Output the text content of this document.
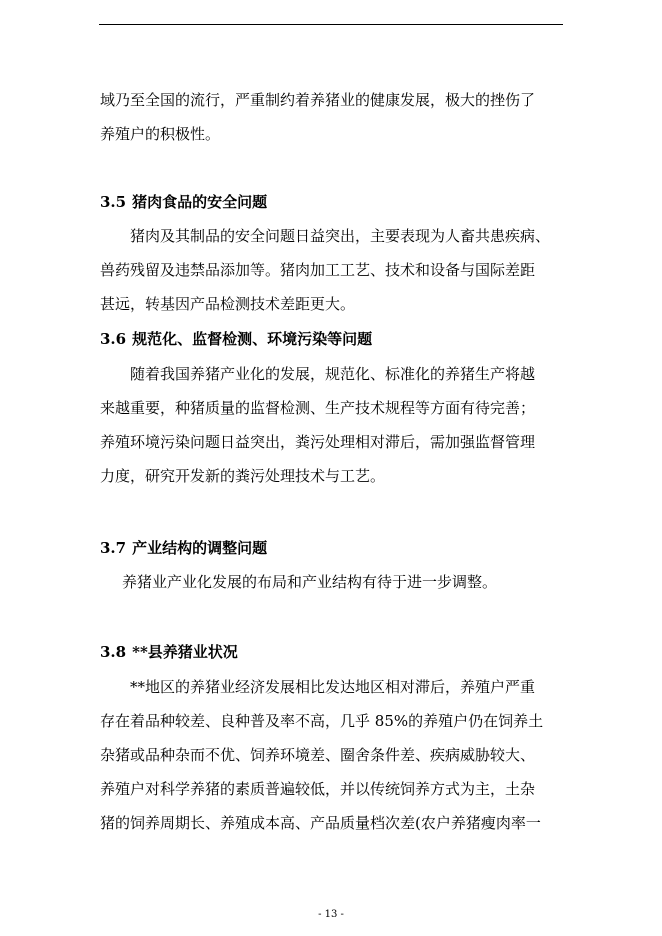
域乃至全国的流行，严重制约着养猪业的健康发展，极大的挫伤了
养殖户的积极性。
3.5 猪肉食品的安全问题
猪肉及其制品的安全问题日益突出，主要表现为人畜共患疾病、
兽药残留及违禁品添加等。猪肉加工工艺、技术和设备与国际差距
甚远，转基因产品检测技术差距更大。
3.6 规范化、监督检测、环境污染等问题
随着我国养猪产业化的发展，规范化、标准化的养猪生产将越
来越重要，种猪质量的监督检测、生产技术规程等方面有待完善；
养殖环境污染问题日益突出，粪污处理相对滞后，需加强监督管理
力度，研究开发新的粪污处理技术与工艺。
3.7 产业结构的调整问题
养猪业产业化发展的布局和产业结构有待于进一步调整。
3.8 **县养猪业状况
**地区的养猪业经济发展相比发达地区相对滞后，养殖户严重
存在着品种较差、良种普及率不高，几乎 85%的养殖户仍在饲养土
杂猪或品种杂而不优、饲养环境差、圈舍条件差、疾病威胁较大、
养殖户对科学养猪的素质普遍较低，并以传统饲养方式为主，土杂
猪的饲养周期长、养殖成本高、产品质量档次差(农户养猪瘦肉率一
- 13 -
